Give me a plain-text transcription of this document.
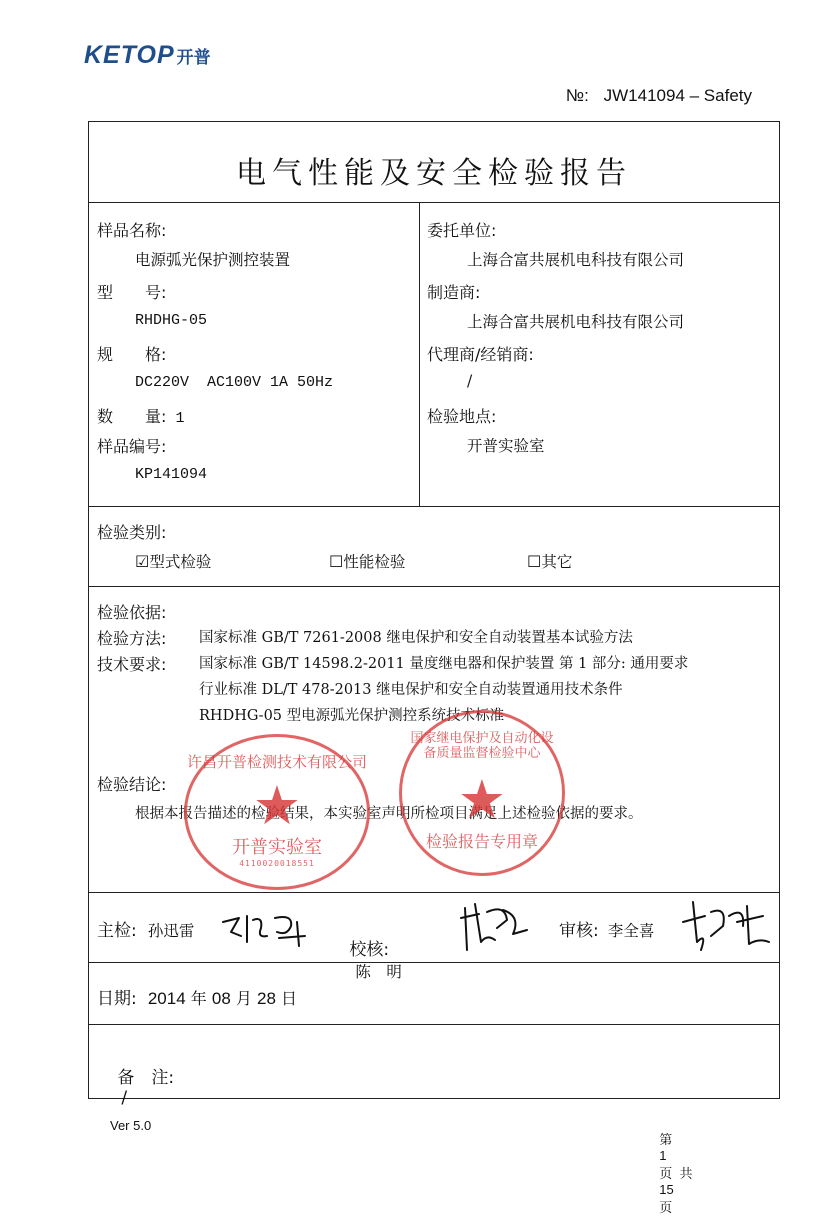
KETOP 开普
№: JW141094 – Safety
电气性能及安全检验报告
样品名称:
电源弧光保护测控装置
型　　号:
RHDHG-05
规　　格:
DC220V  AC100V 1A 50Hz
数　　量: 1
样品编号:
KP141094
委托单位:
上海合富共展机电科技有限公司
制造商:
上海合富共展机电科技有限公司
代理商/经销商:
/
检验地点:
开普实验室
检验类别:
☑型式检验	☐性能检验	☐其它
检验依据:
检验方法: 国家标准 GB/T 7261-2008 继电保护和安全自动装置基本试验方法
技术要求: 国家标准 GB/T 14598.2-2011 量度继电器和保护装置 第 1 部分: 通用要求
行业标准 DL/T 478-2013 继电保护和安全自动装置通用技术条件
RHDHG-05 型电源弧光保护测控系统技术标准
检验结论:
根据本报告描述的检验结果，本实验室声明所检项目满足上述检验依据的要求。
许昌开普检测技术有限公司
★
开普实验室
4110020018551
国家继电保护及自动化设备质量监督检验中心
★
检验报告专用章
主检: 孙迅雷

校核:
陈　明

审核: 李全喜
日期: 2014 年 08 月 28 日

备　注:
/

Ver 5.0

第
1
页  共
15
页
